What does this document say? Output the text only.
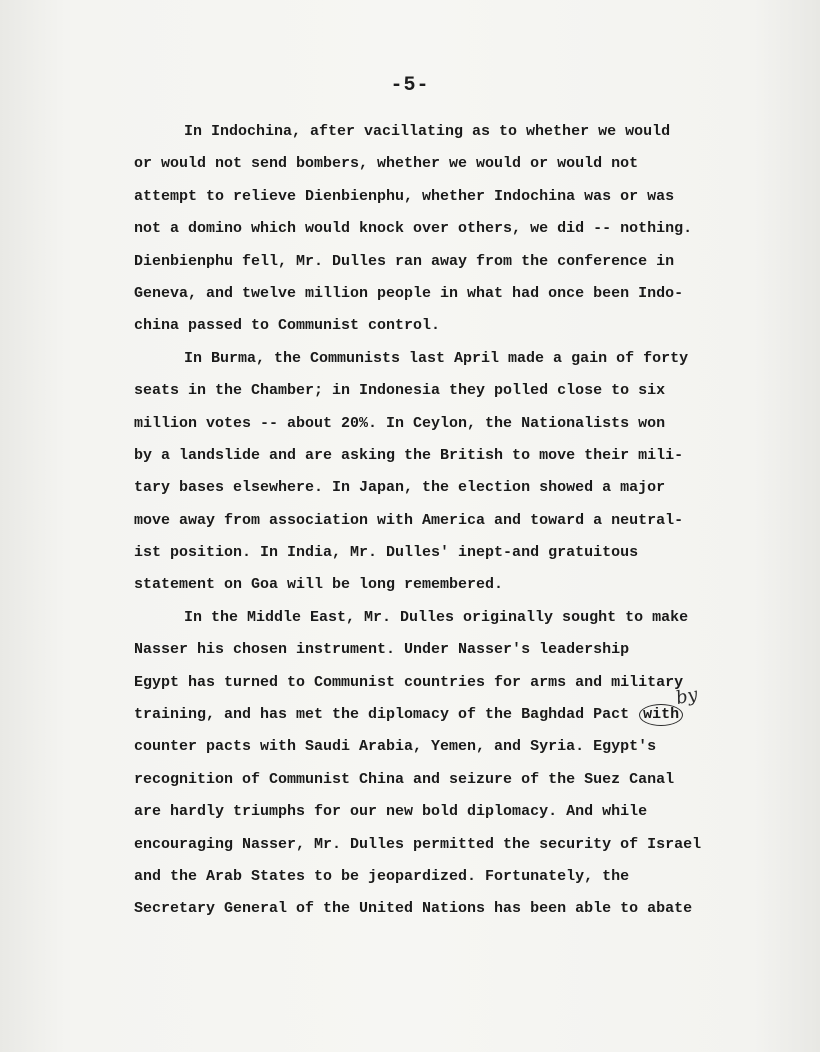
-5-
In Indochina, after vacillating as to whether we would
or would not send bombers, whether we would or would not
attempt to relieve Dienbienphu, whether Indochina was or was
not a domino which would knock over others, we did -- nothing.
Dienbienphu fell, Mr. Dulles ran away from the conference in
Geneva, and twelve million people in what had once been Indo-
china passed to Communist control.
In Burma, the Communists last April made a gain of forty
seats in the Chamber; in Indonesia they polled close to six
million votes -- about 20%. In Ceylon, the Nationalists won
by a landslide and are asking the British to move their mili-
tary bases elsewhere. In Japan, the election showed a major
move away from association with America and toward a neutral-
ist position. In India, Mr. Dulles' inept-and gratuitous
statement on Goa will be long remembered.
In the Middle East, Mr. Dulles originally sought to make
Nasser his chosen instrument. Under Nasser's leadership
Egypt has turned to Communist countries for arms and military
training, and has met the diplomacy of the Baghdad Pact with
counter pacts with Saudi Arabia, Yemen, and Syria. Egypt's
recognition of Communist China and seizure of the Suez Canal
are hardly triumphs for our new bold diplomacy. And while
encouraging Nasser, Mr. Dulles permitted the security of Israel
and the Arab States to be jeopardized. Fortunately, the
Secretary General of the United Nations has been able to abate
by
